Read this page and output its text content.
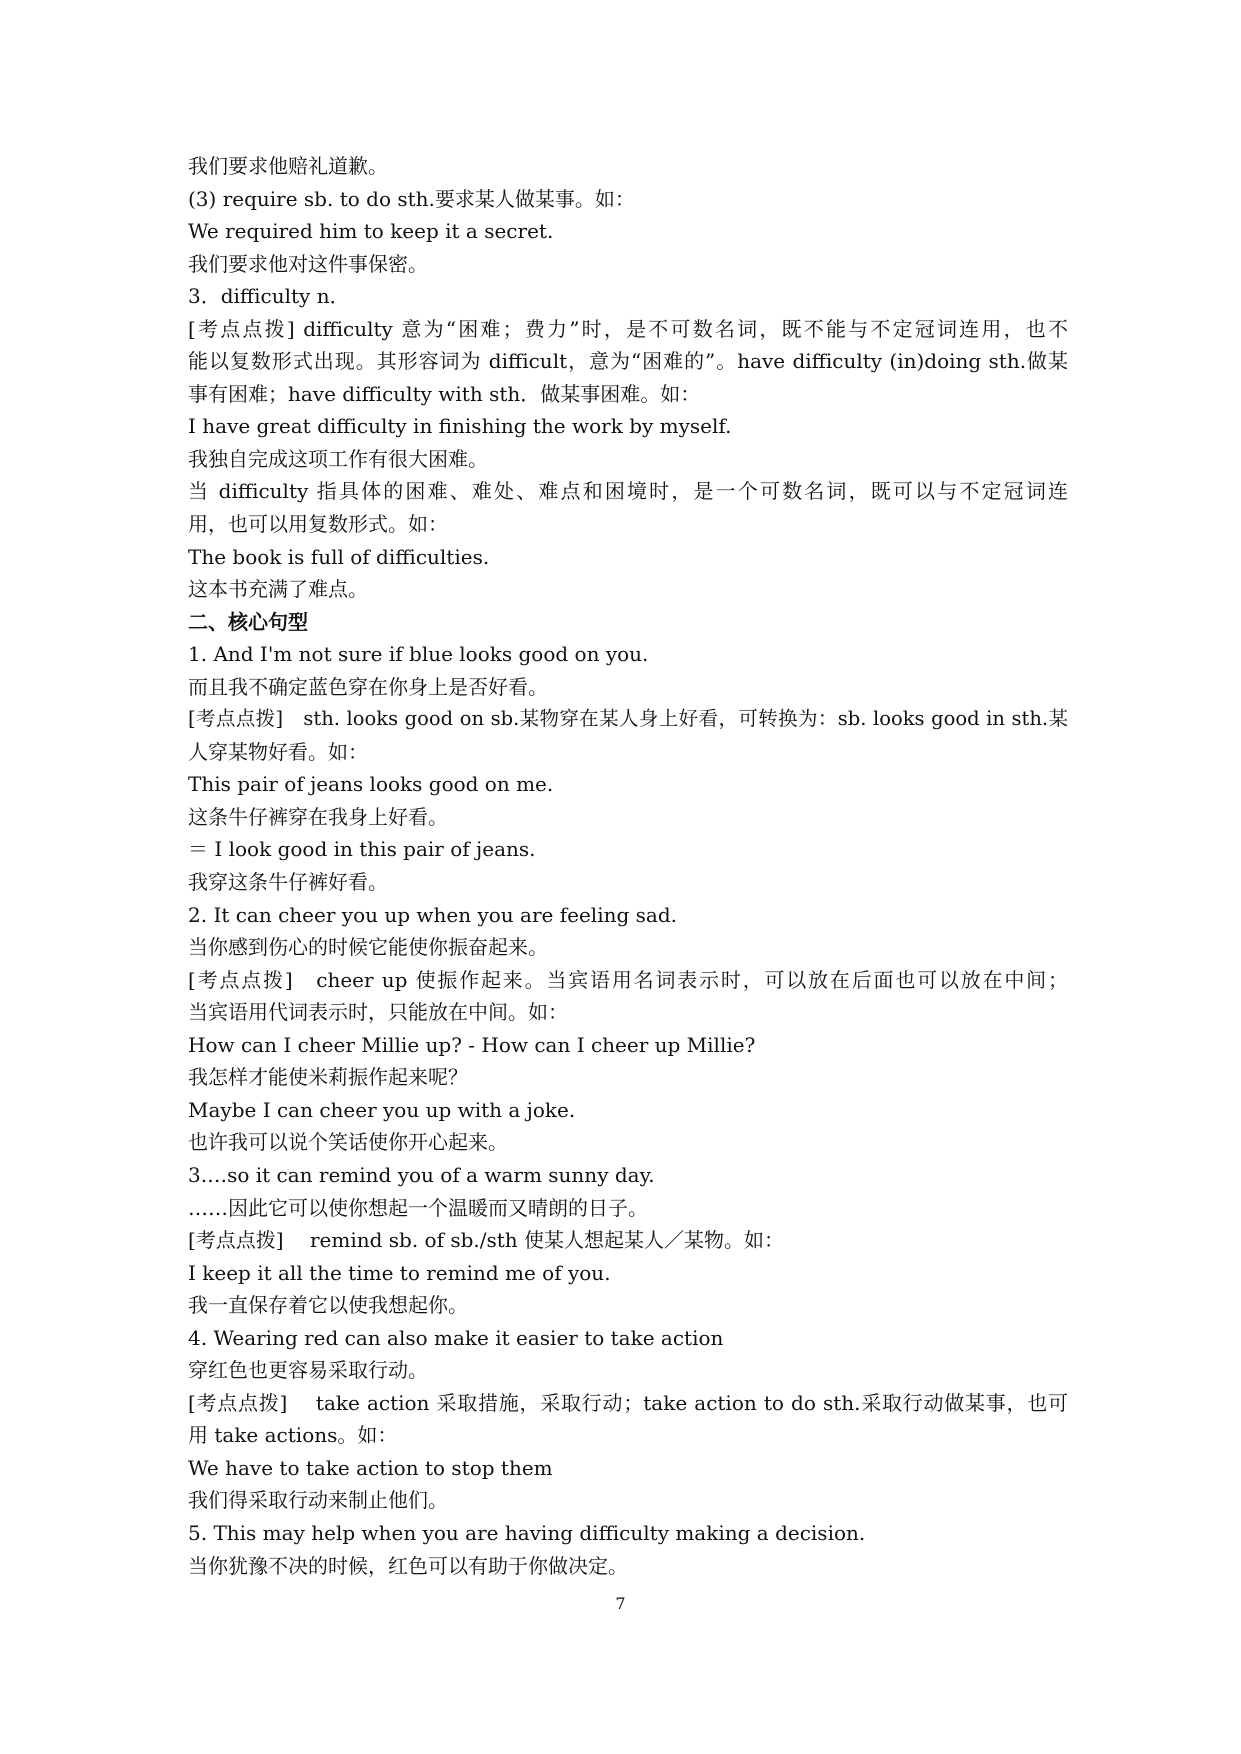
我们要求他赔礼道歉。
(3) require sb. to do sth.要求某人做某事。如：
We required him to keep it a secret.
我们要求他对这件事保密。
3．difficulty n．
[考点点拨] difficulty 意为“困难；费力”时，是不可数名词，既不能与不定冠词连用，也不
能以复数形式出现。其形容词为 difficult，意为“困难的”。have difficulty (in)doing sth.做某
事有困难；have difficulty with sth．做某事困难。如：
I have great difficulty in finishing the work by myself.
我独自完成这项工作有很大困难。
当 difficulty 指具体的困难、难处、难点和困境时，是一个可数名词，既可以与不定冠词连
用，也可以用复数形式。如：
The book is full of difficulties.
这本书充满了难点。
二、核心句型
1. And I'm not sure if blue looks good on you.
而且我不确定蓝色穿在你身上是否好看。
[考点点拨]　sth. looks good on sb.某物穿在某人身上好看，可转换为：sb. looks good in sth.某
人穿某物好看。如：
This pair of jeans looks good on me.
这条牛仔裤穿在我身上好看。
＝ I look good in this pair of jeans.
我穿这条牛仔裤好看。
2. It can cheer you up when you are feeling sad.
当你感到伤心的时候它能使你振奋起来。
[考点点拨]　cheer up 使振作起来。当宾语用名词表示时，可以放在后面也可以放在中间；
当宾语用代词表示时，只能放在中间。如：
How can I cheer Millie up? - How can I cheer up Millie?
我怎样才能使米莉振作起来呢？
Maybe I can cheer you up with a joke.
也许我可以说个笑话使你开心起来。
3.…so it can remind you of a warm sunny day.
……因此它可以使你想起一个温暖而又晴朗的日子。
[考点点拨]　 remind sb. of sb./sth 使某人想起某人／某物。如：
I keep it all the time to remind me of you.
我一直保存着它以使我想起你。
4. Wearing red can also make it easier to take action
穿红色也更容易采取行动。
[考点点拨]　 take action 采取措施，采取行动；take action to do sth.采取行动做某事，也可
用 take actions。如：
We have to take action to stop them
我们得采取行动来制止他们。
5. This may help when you are having difficulty making a decision.
当你犹豫不决的时候，红色可以有助于你做决定。
7
